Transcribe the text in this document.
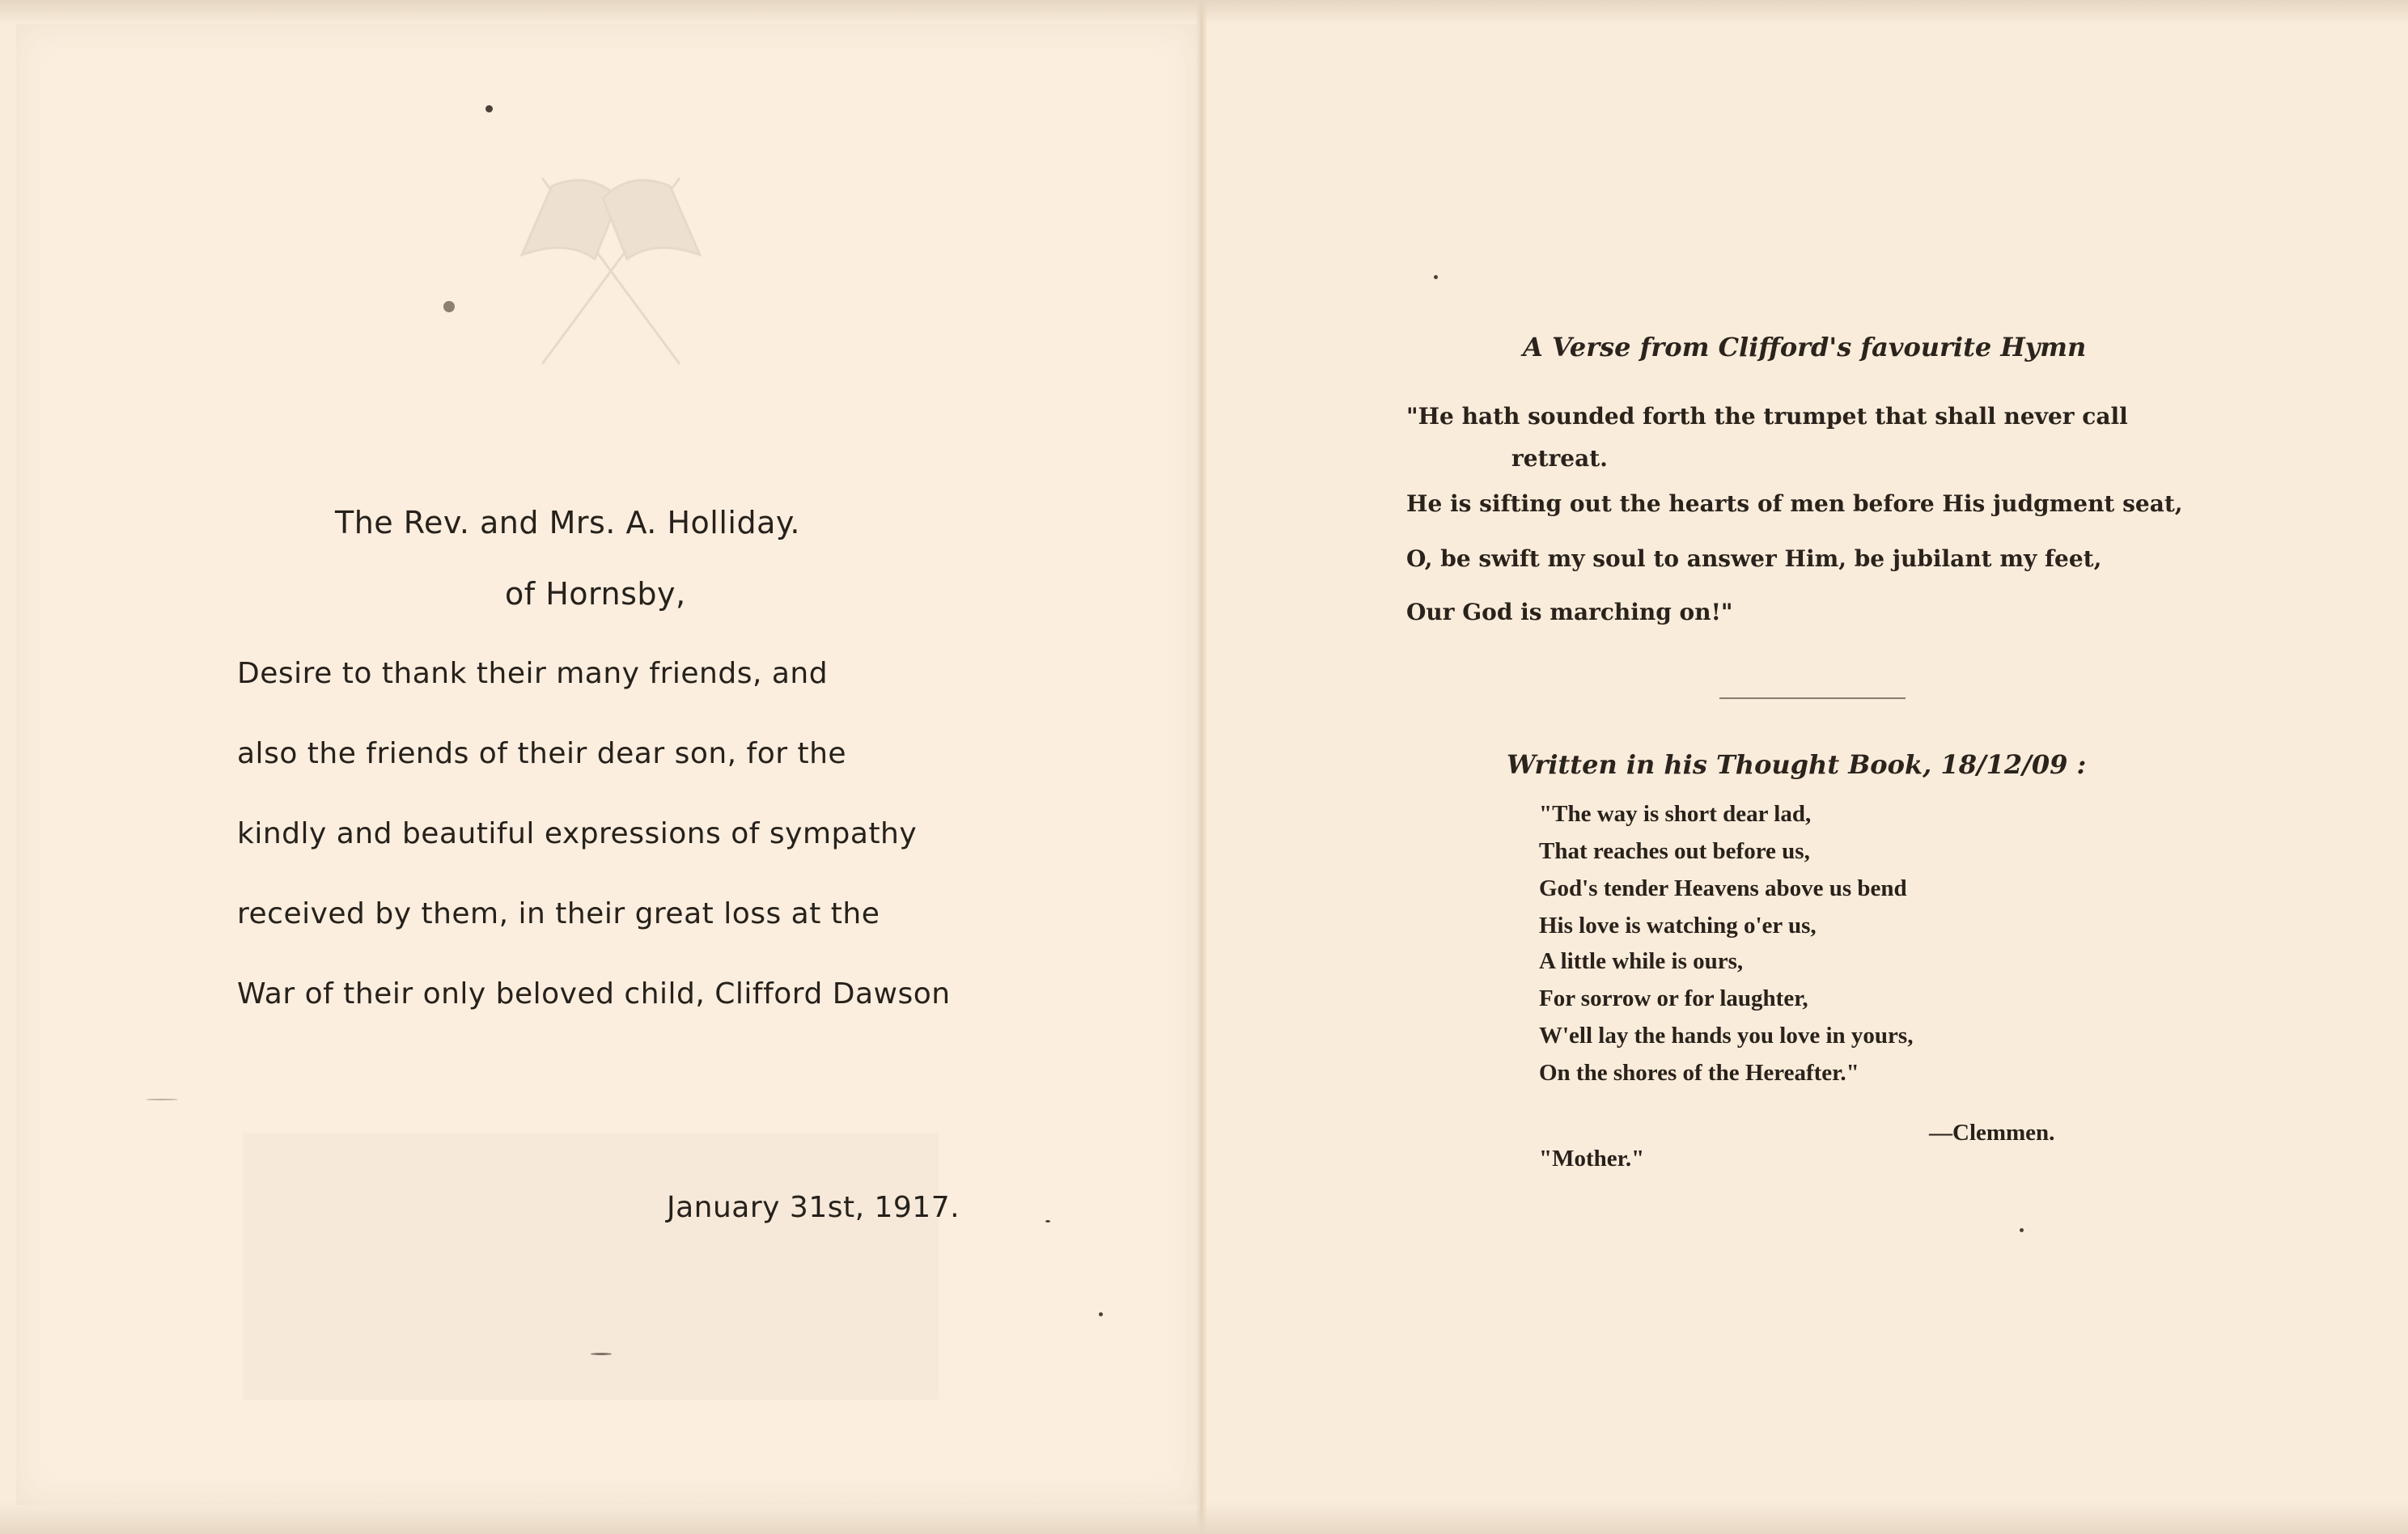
The Rev. and Mrs. A. Holliday.
of Hornsby,
Desire to thank their many friends, and
also the friends of their dear son, for the
kindly and beautiful expressions of sympathy
received by them, in their great loss at the
War of their only beloved child, Clifford Dawson
January 31st, 1917.
A Verse from Clifford's favourite Hymn
"He hath sounded forth the trumpet that shall never call
retreat.
He is sifting out the hearts of men before His judgment seat,
O, be swift my soul to answer Him, be jubilant my feet,
Our God is marching on!"
Written in his Thought Book, 18/12/09 :
"The way is short dear lad,
That reaches out before us,
God's tender Heavens above us bend
His love is watching o'er us,
A little while is ours,
For sorrow or for laughter,
W'ell lay the hands you love in yours,
On the shores of the Hereafter."
—Clemmen.
"Mother."
